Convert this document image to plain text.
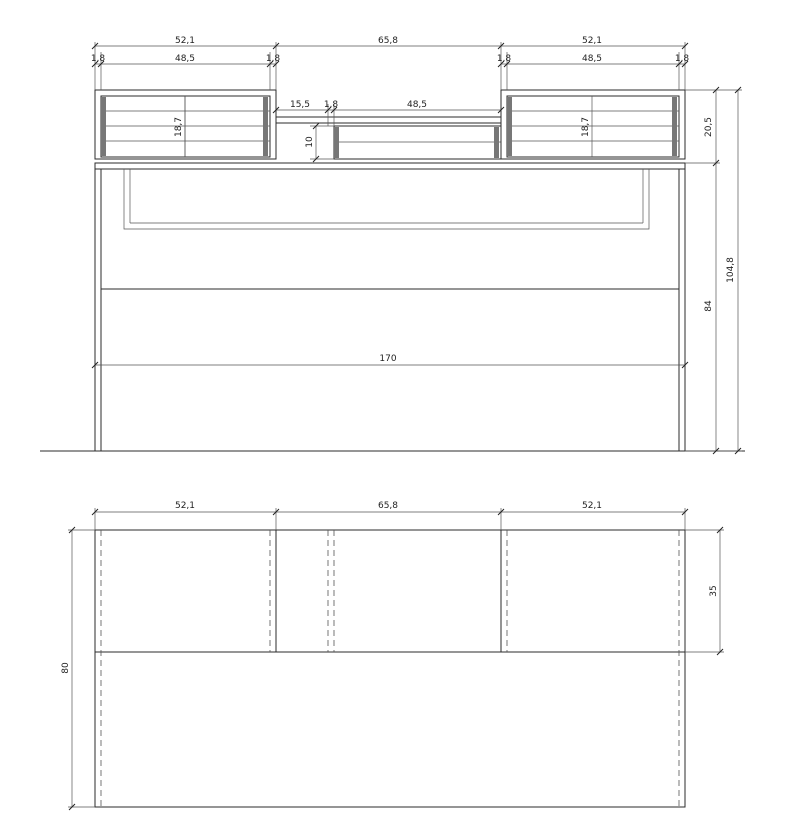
52,1	65,8	52,1
1,8	1,8
48,5	1,8	1,8
48,5
15,5 1,8	48,5
18,7	18,7
10
20,5
84
104,8
170
52,1	65,8	52,1
35
80
